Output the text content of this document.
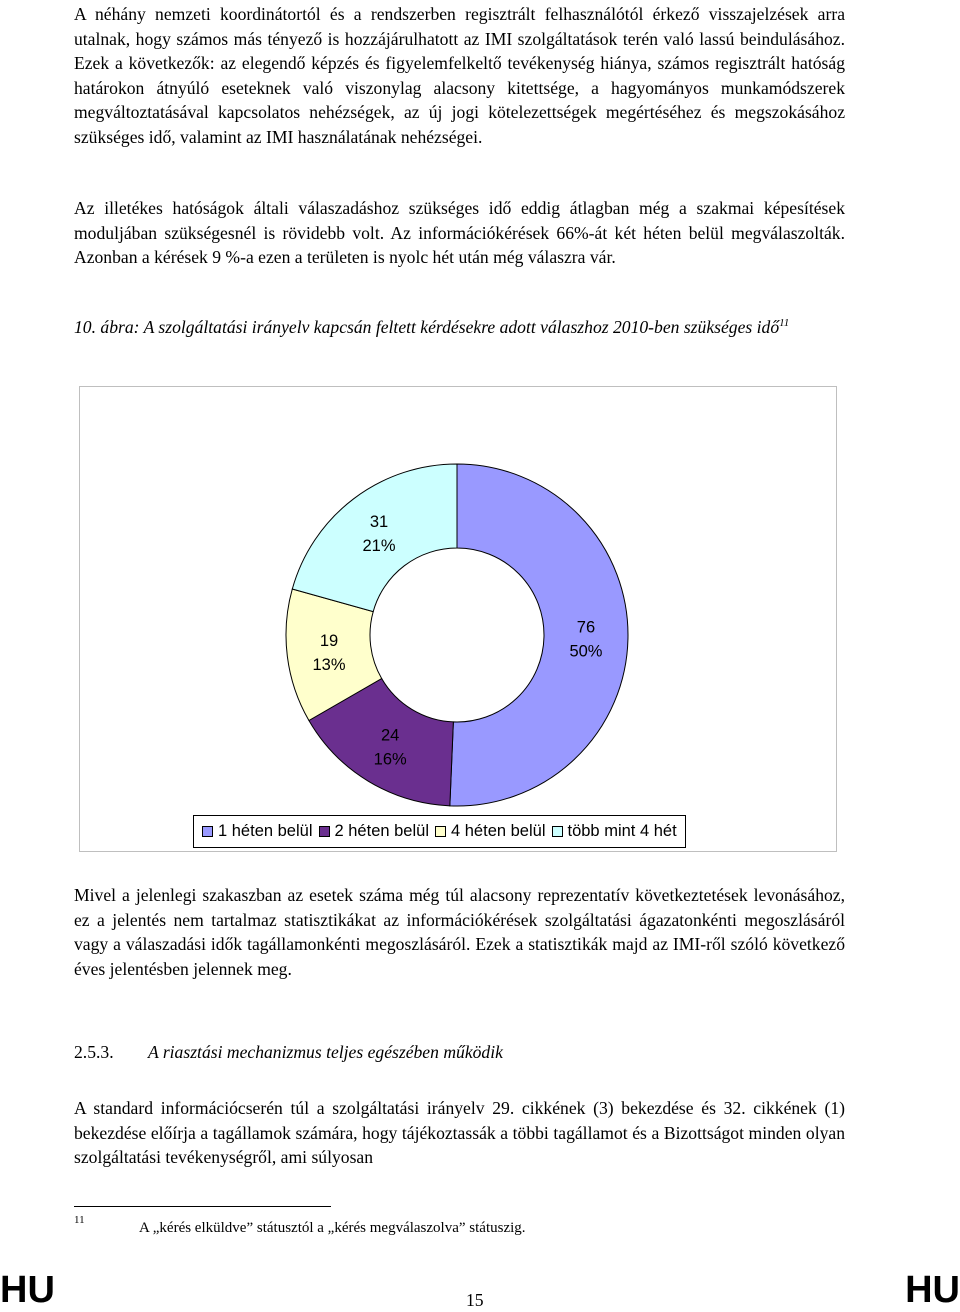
A néhány nemzeti koordinátortól és a rendszerben regisztrált felhasználótól érkező visszajelzések arra utalnak, hogy számos más tényező is hozzájárulhatott az IMI szolgáltatások terén való lassú beindulásához. Ezek a következők: az elegendő képzés és figyelemfelkeltő tevékenység hiánya, számos regisztrált hatóság határokon átnyúló eseteknek való viszonylag alacsony kitettsége, a hagyományos munkamódszerek megváltoztatásával kapcsolatos nehézségek, az új jogi kötelezettségek megértéséhez és megszokásához szükséges idő, valamint az IMI használatának nehézségei.

Az illetékes hatóságok általi válaszadáshoz szükséges idő eddig átlagban még a szakmai képesítések moduljában szükségesnél is rövidebb volt. Az információkérések 66%-át két héten belül megválaszolták. Azonban a kérések 9 %-a ezen a területen is nyolc hét után még válaszra vár.

10. ábra: A szolgáltatási irányelv kapcsán feltett kérdésekre adott válaszhoz 2010-ben szükséges idő$^{11}$

76
50%
24
16%
19
13%
31
21%
1 héten belül 2 héten belül 4 héten belül több mint 4 hét

Mivel a jelenlegi szakaszban az esetek száma még túl alacsony reprezentatív következtetések levonásához, ez a jelentés nem tartalmaz statisztikákat az információkérések szolgáltatási ágazatonkénti megoszlásáról vagy a válaszadási idők tagállamonkénti megoszlásáról. Ezek a statisztikák majd az IMI-ről szóló következő éves jelentésben jelennek meg.

2.5.3. A riasztási mechanizmus teljes egészében működik

A standard információcserén túl a szolgáltatási irányelv 29. cikkének (3) bekezdése és 32. cikkének (1) bekezdése előírja a tagállamok számára, hogy tájékoztassák a többi tagállamot és a Bizottságot minden olyan szolgáltatási tevékenységről, ami súlyosan

11	A „kérés elküldve” státusztól a „kérés megválaszolva” státuszig.
HU	15	HU
